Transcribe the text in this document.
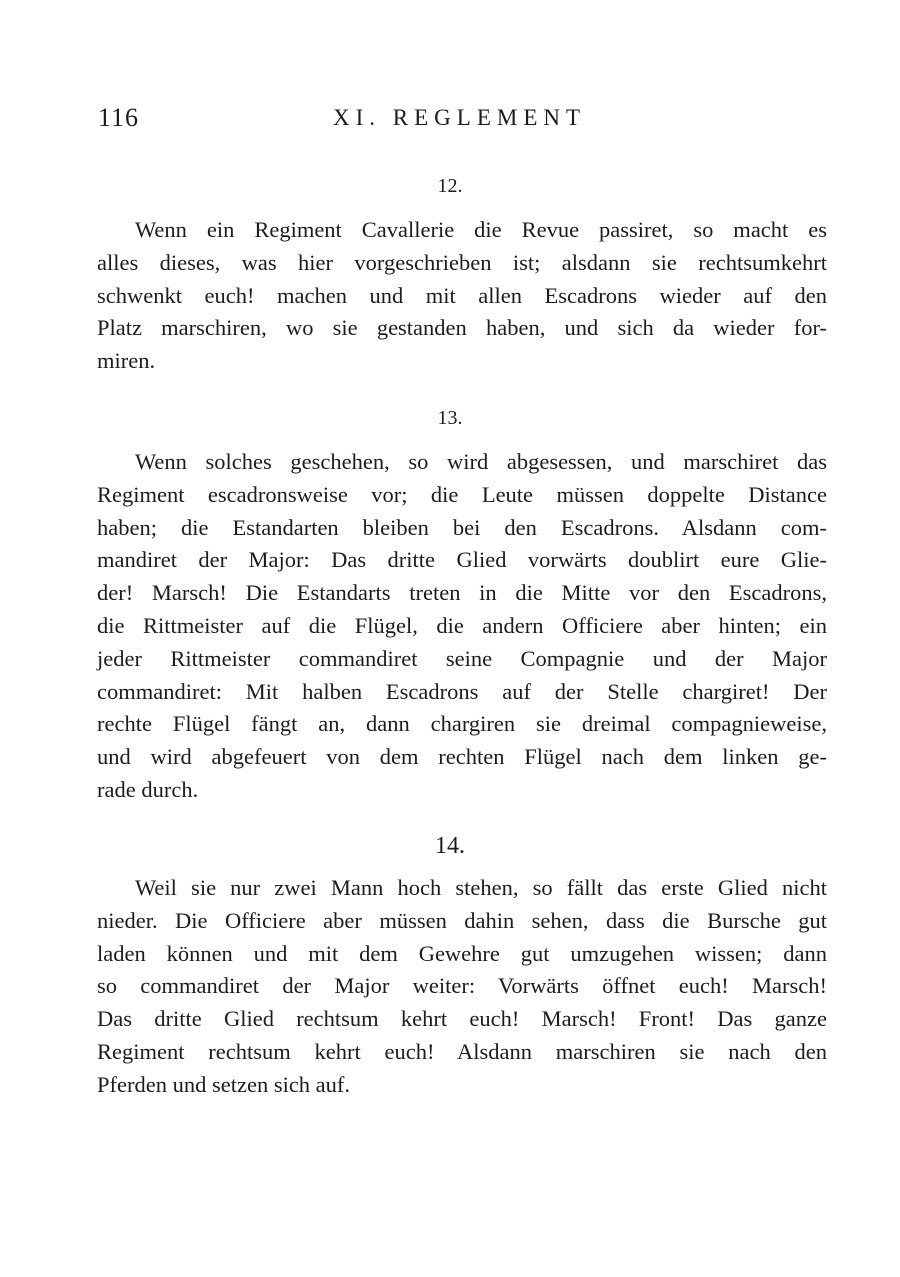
116	XI. REGLEMENT
12.
Wenn ein Regiment Cavallerie die Revue passiret, so macht es
alles dieses, was hier vorgeschrieben ist; alsdann sie rechtsumkehrt
schwenkt euch! machen und mit allen Escadrons wieder auf den
Platz marschiren, wo sie gestanden haben, und sich da wieder for-
miren.
13.
Wenn solches geschehen, so wird abgesessen, und marschiret das
Regiment escadronsweise vor; die Leute müssen doppelte Distance
haben; die Estandarten bleiben bei den Escadrons. Alsdann com-
mandiret der Major: Das dritte Glied vorwärts doublirt eure Glie-
der! Marsch! Die Estandarts treten in die Mitte vor den Escadrons,
die Rittmeister auf die Flügel, die andern Officiere aber hinten; ein
jeder Rittmeister commandiret seine Compagnie und der Major
commandiret: Mit halben Escadrons auf der Stelle chargiret! Der
rechte Flügel fängt an, dann chargiren sie dreimal compagnieweise,
und wird abgefeuert von dem rechten Flügel nach dem linken ge-
rade durch.
14.
Weil sie nur zwei Mann hoch stehen, so fällt das erste Glied nicht
nieder. Die Officiere aber müssen dahin sehen, dass die Bursche gut
laden können und mit dem Gewehre gut umzugehen wissen; dann
so commandiret der Major weiter: Vorwärts öffnet euch! Marsch!
Das dritte Glied rechtsum kehrt euch! Marsch! Front! Das ganze
Regiment rechtsum kehrt euch! Alsdann marschiren sie nach den
Pferden und setzen sich auf.
